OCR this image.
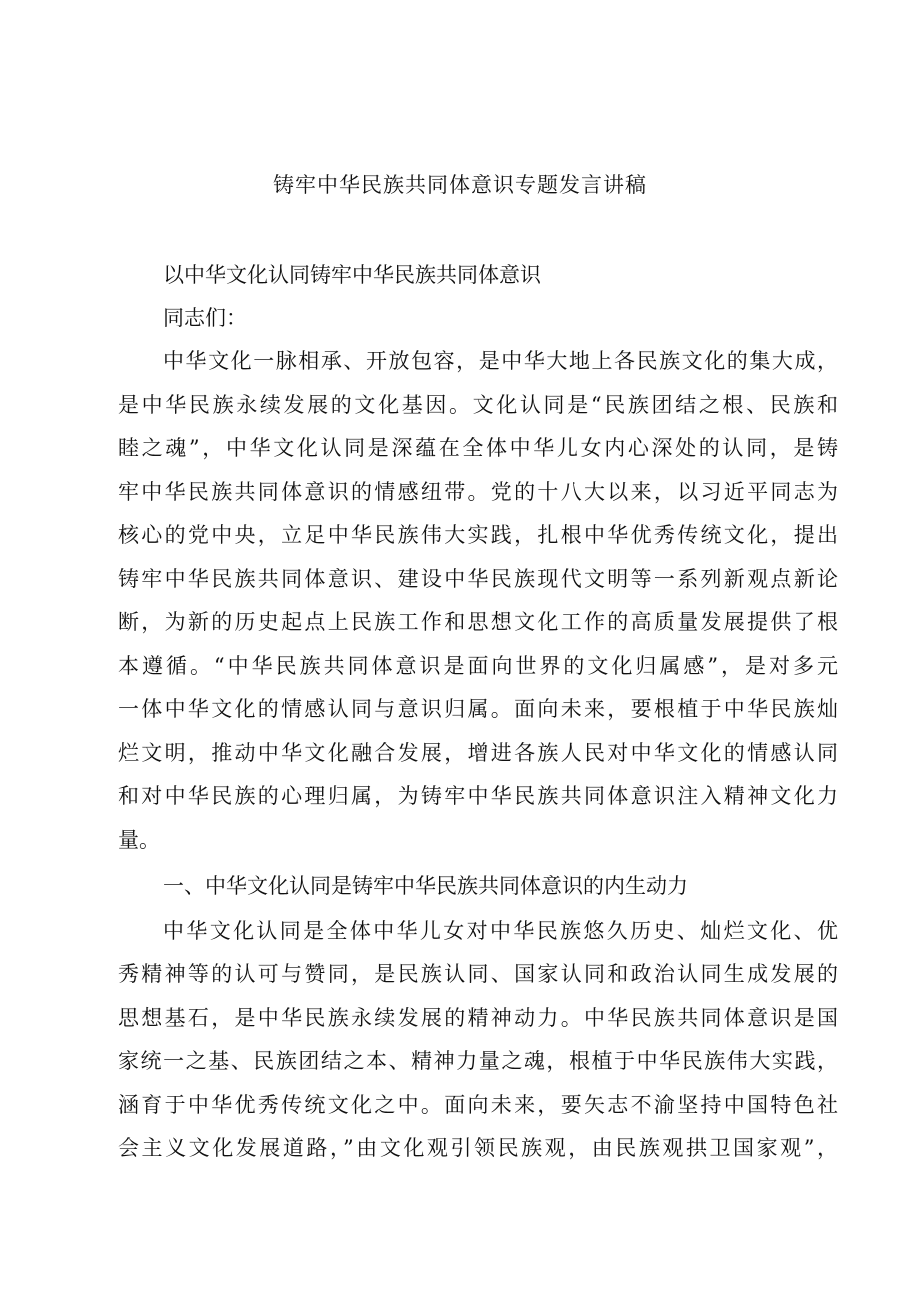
铸牢中华民族共同体意识专题发言讲稿
以中华文化认同铸牢中华民族共同体意识
同志们：
中华文化一脉相承、开放包容，是中华大地上各民族文化的集大成，
是中华民族永续发展的文化基因。文化认同是“民族团结之根、民族和
睦之魂”，中华文化认同是深蕴在全体中华儿女内心深处的认同，是铸
牢中华民族共同体意识的情感纽带。党的十八大以来，以习近平同志为
核心的党中央，立足中华民族伟大实践，扎根中华优秀传统文化，提出
铸牢中华民族共同体意识、建设中华民族现代文明等一系列新观点新论
断，为新的历史起点上民族工作和思想文化工作的高质量发展提供了根
本遵循。“中华民族共同体意识是面向世界的文化归属感”，是对多元
一体中华文化的情感认同与意识归属。面向未来，要根植于中华民族灿
烂文明，推动中华文化融合发展，增进各族人民对中华文化的情感认同
和对中华民族的心理归属，为铸牢中华民族共同体意识注入精神文化力
量。
一、中华文化认同是铸牢中华民族共同体意识的内生动力
中华文化认同是全体中华儿女对中华民族悠久历史、灿烂文化、优
秀精神等的认可与赞同，是民族认同、国家认同和政治认同生成发展的
思想基石，是中华民族永续发展的精神动力。中华民族共同体意识是国
家统一之基、民族团结之本、精神力量之魂，根植于中华民族伟大实践，
涵育于中华优秀传统文化之中。面向未来，要矢志不渝坚持中国特色社
会主义文化发展道路，”由文化观引领民族观，由民族观拱卫国家观”，
